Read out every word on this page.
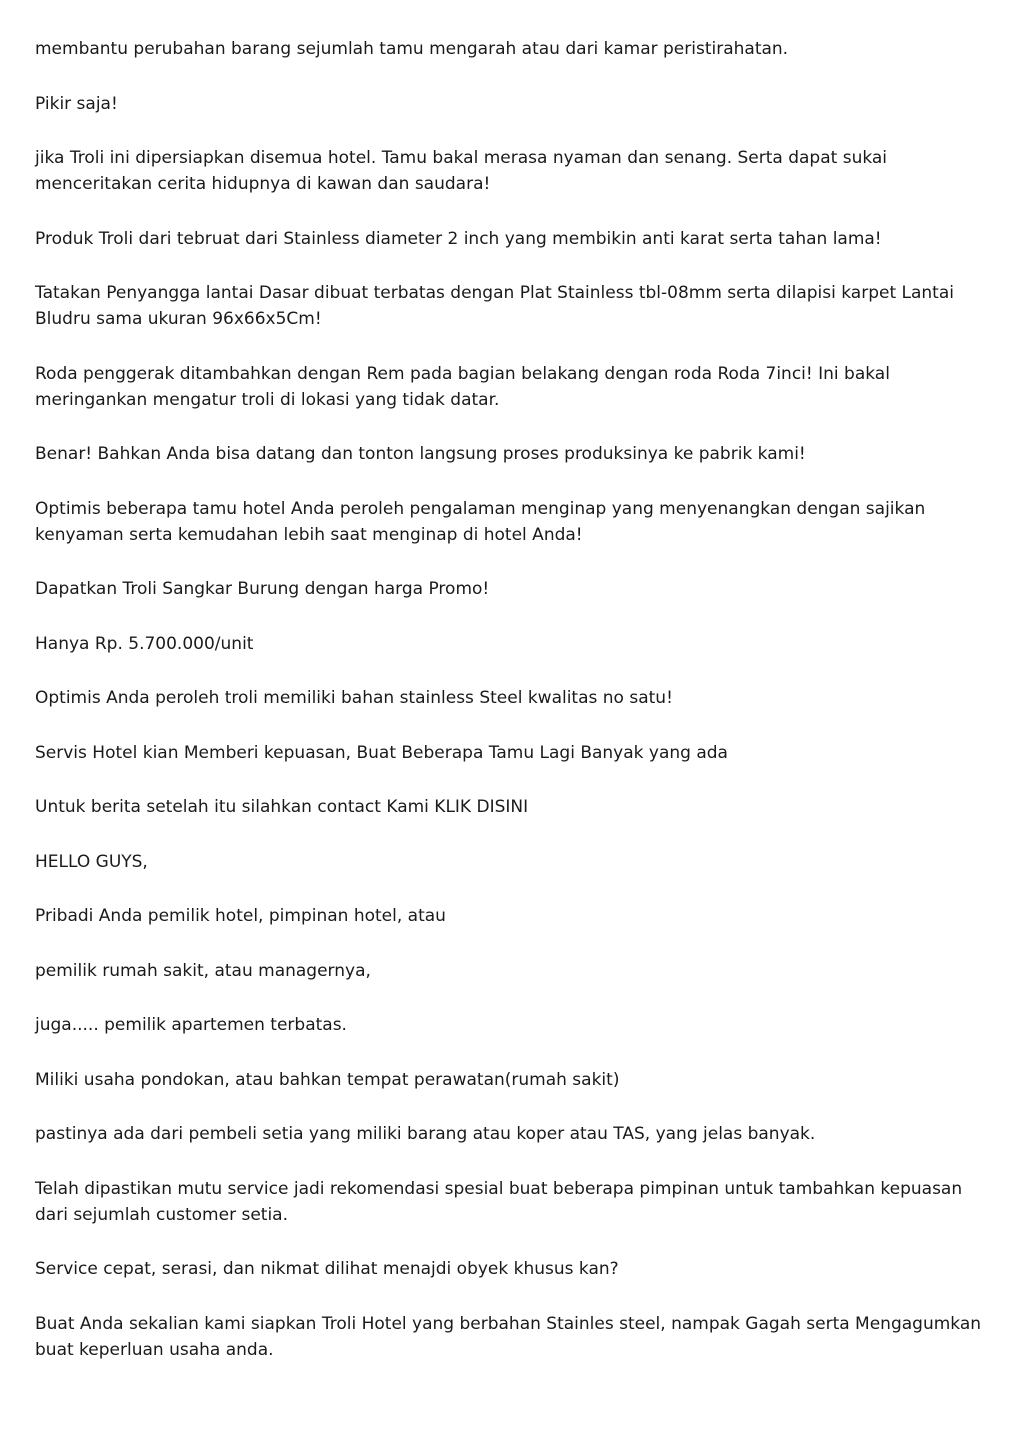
membantu perubahan barang sejumlah tamu mengarah atau dari kamar peristirahatan.

Pikir saja!

jika Troli ini dipersiapkan disemua hotel. Tamu bakal merasa nyaman dan senang. Serta dapat sukai menceritakan cerita hidupnya di kawan dan saudara!

Produk Troli dari tebruat dari Stainless diameter 2 inch yang membikin anti karat serta tahan lama!

Tatakan Penyangga lantai Dasar dibuat terbatas dengan Plat Stainless tbl-08mm serta dilapisi karpet Lantai Bludru sama ukuran 96x66x5Cm!

Roda penggerak ditambahkan dengan Rem pada bagian belakang dengan roda Roda 7inci! Ini bakal meringankan mengatur troli di lokasi yang tidak datar.

Benar! Bahkan Anda bisa datang dan tonton langsung proses produksinya ke pabrik kami!

Optimis beberapa tamu hotel Anda peroleh pengalaman menginap yang menyenangkan dengan sajikan kenyaman serta kemudahan lebih saat menginap di hotel Anda!

Dapatkan Troli Sangkar Burung dengan harga Promo!

Hanya Rp. 5.700.000/unit

Optimis Anda peroleh troli memiliki bahan stainless Steel kwalitas no satu!

Servis Hotel kian Memberi kepuasan, Buat Beberapa Tamu Lagi Banyak yang ada

Untuk berita setelah itu silahkan contact Kami KLIK DISINI

HELLO GUYS,

Pribadi Anda pemilik hotel, pimpinan hotel, atau

pemilik rumah sakit, atau managernya,

juga..... pemilik apartemen terbatas.

Miliki usaha pondokan, atau bahkan tempat perawatan(rumah sakit)

pastinya ada dari pembeli setia yang miliki barang atau koper atau TAS, yang jelas banyak.

Telah dipastikan mutu service jadi rekomendasi spesial buat beberapa pimpinan untuk tambahkan kepuasan dari sejumlah customer setia.

Service cepat, serasi, dan nikmat dilihat menajdi obyek khusus kan?

Buat Anda sekalian kami siapkan Troli Hotel yang berbahan Stainles steel, nampak Gagah serta Mengagumkan buat keperluan usaha anda.
